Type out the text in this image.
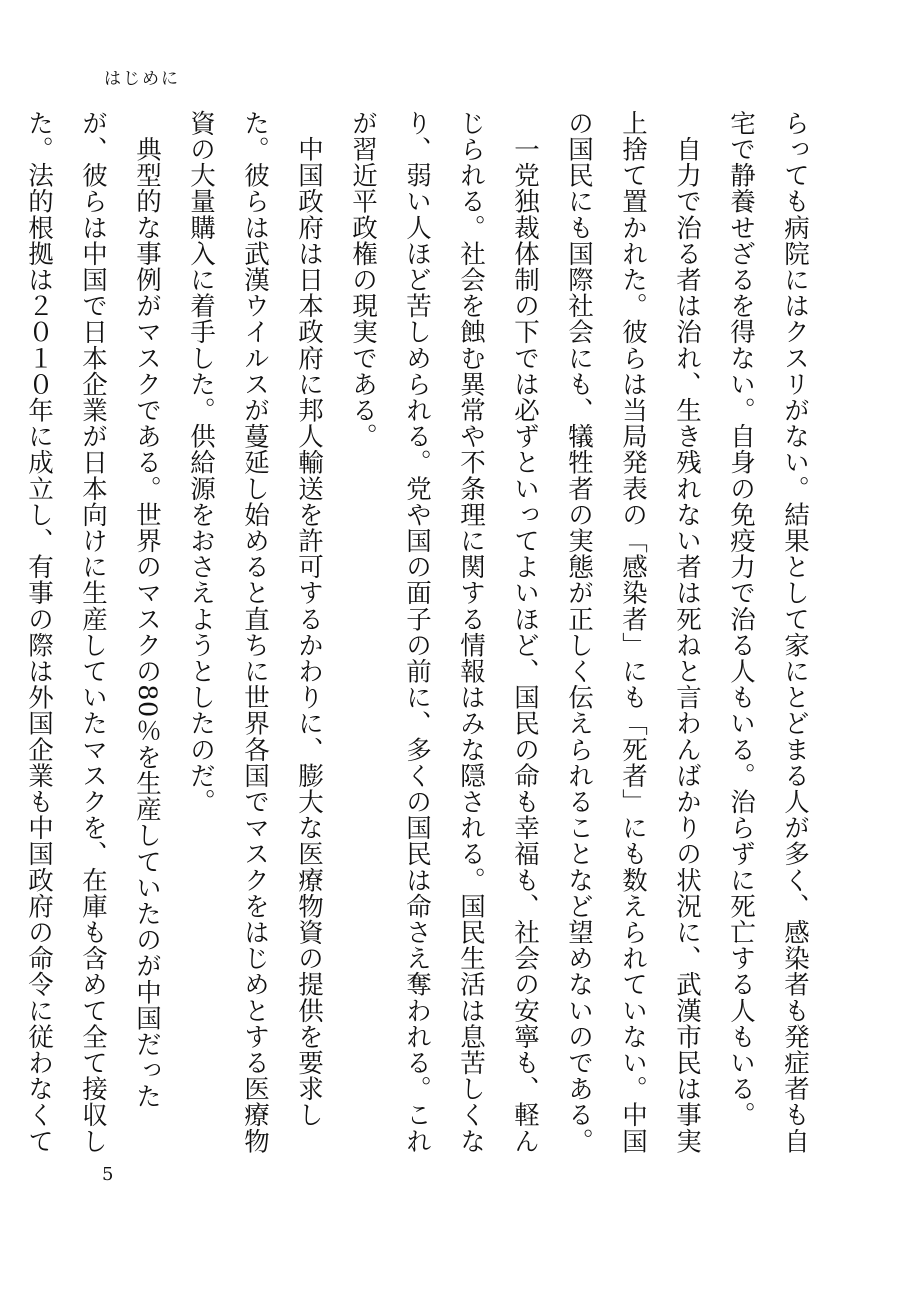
はじめに

らっても病院にはクスリがない。結果として家にとどまる人が多く、感染者も発症者も自宅で静養せざるを得ない。自身の免疫力で治る人もいる。治らずに死亡する人もいる。

　自力で治る者は治れ、生き残れない者は死ねと言わんばかりの状況に、武漢市民は事実上捨て置かれた。彼らは当局発表の「感染者」にも「死者」にも数えられていない。中国の国民にも国際社会にも、犠牲者の実態が正しく伝えられることなど望めないのである。

　一党独裁体制の下では必ずといってよいほど、国民の命も幸福も、社会の安寧も、軽んじられる。社会を蝕む異常や不条理に関する情報はみな隠される。国民生活は息苦しくなり、弱い人ほど苦しめられる。党や国の面子の前に、多くの国民は命さえ奪われる。これが習近平政権の現実である。

　中国政府は日本政府に邦人輸送を許可するかわりに、膨大な医療物資の提供を要求した。彼らは武漢ウイルスが蔓延し始めると直ちに世界各国でマスクをはじめとする医療物資の大量購入に着手した。供給源をおさえようとしたのだ。

　典型的な事例がマスクである。世界のマスクの80％を生産していたのが中国だったが、彼らは中国で日本企業が日本向けに生産していたマスクを、在庫も含めて全て接収した。法的根拠は２０１０年に成立し、有事の際は外国企業も中国政府の命令に従わなくて

5
